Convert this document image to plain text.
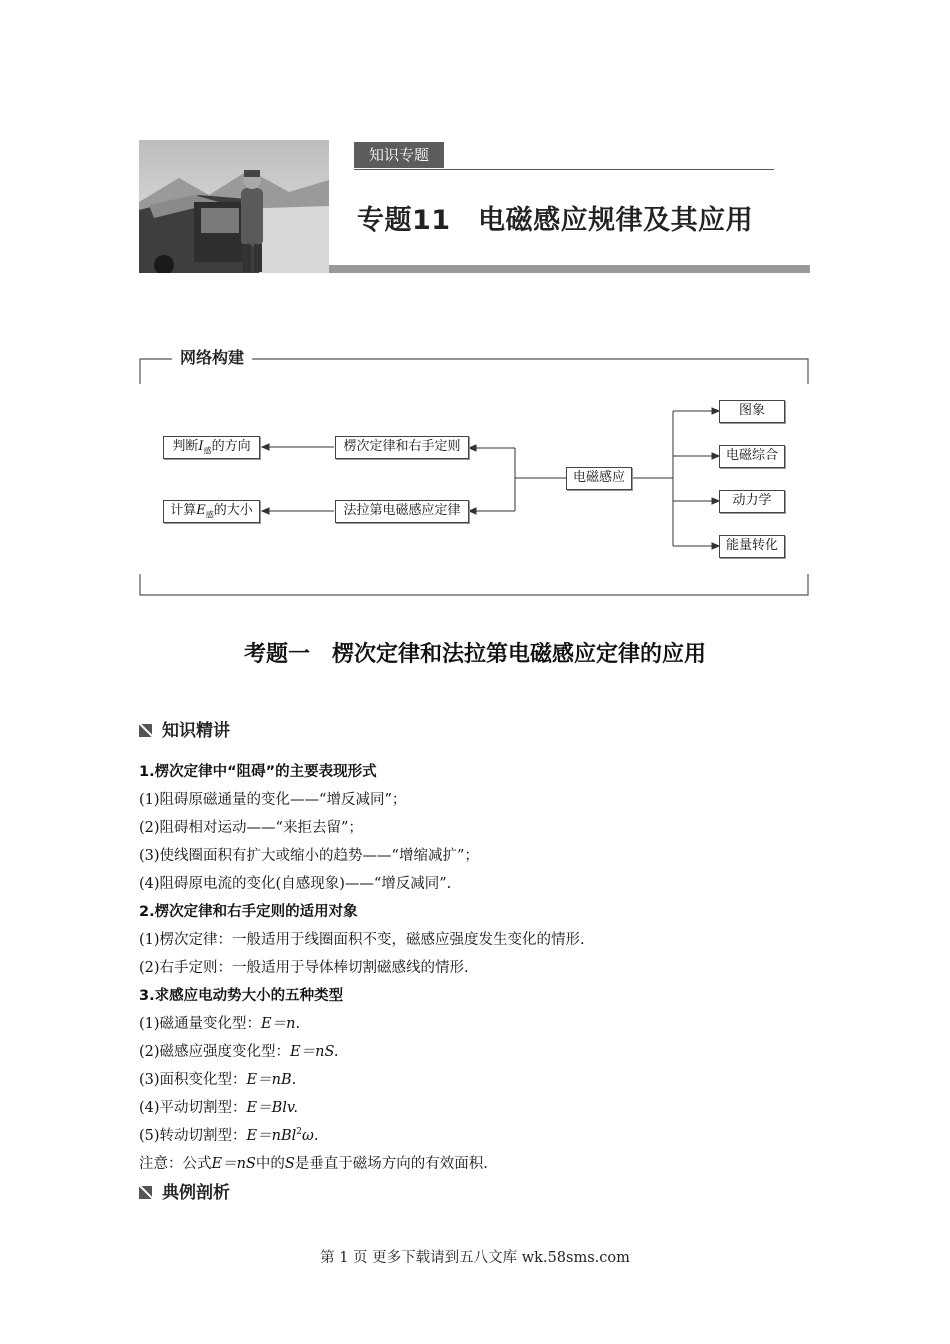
知识专题
专题11　电磁感应规律及其应用
网络构建
判断$I_感$的方向
计算$E_感$的大小
楞次定律和右手定则
法拉第电磁感应定律
电磁感应
图象
电磁综合
动力学
能量转化
考题一　楞次定律和法拉第电磁感应定律的应用
知识精讲
1.楞次定律中“阻碍”的主要表现形式
(1)阻碍原磁通量的变化——“增反减同”；
(2)阻碍相对运动——“来拒去留”；
(3)使线圈面积有扩大或缩小的趋势——“增缩减扩”；
(4)阻碍原电流的变化(自感现象)——“增反减同”.
2.楞次定律和右手定则的适用对象
(1)楞次定律：一般适用于线圈面积不变，磁感应强度发生变化的情形.
(2)右手定则：一般适用于导体棒切割磁感线的情形.
3.求感应电动势大小的五种类型
(1)磁通量变化型：E＝n.
(2)磁感应强度变化型：E＝nS.
(3)面积变化型：E＝nB.
(4)平动切割型：E＝Blv.
(5)转动切割型：E＝nBl$^2$ω.
注意：公式E＝nS中的S是垂直于磁场方向的有效面积.
典例剖析
第 1 页 更多下载请到五八文库 wk.58sms.com
